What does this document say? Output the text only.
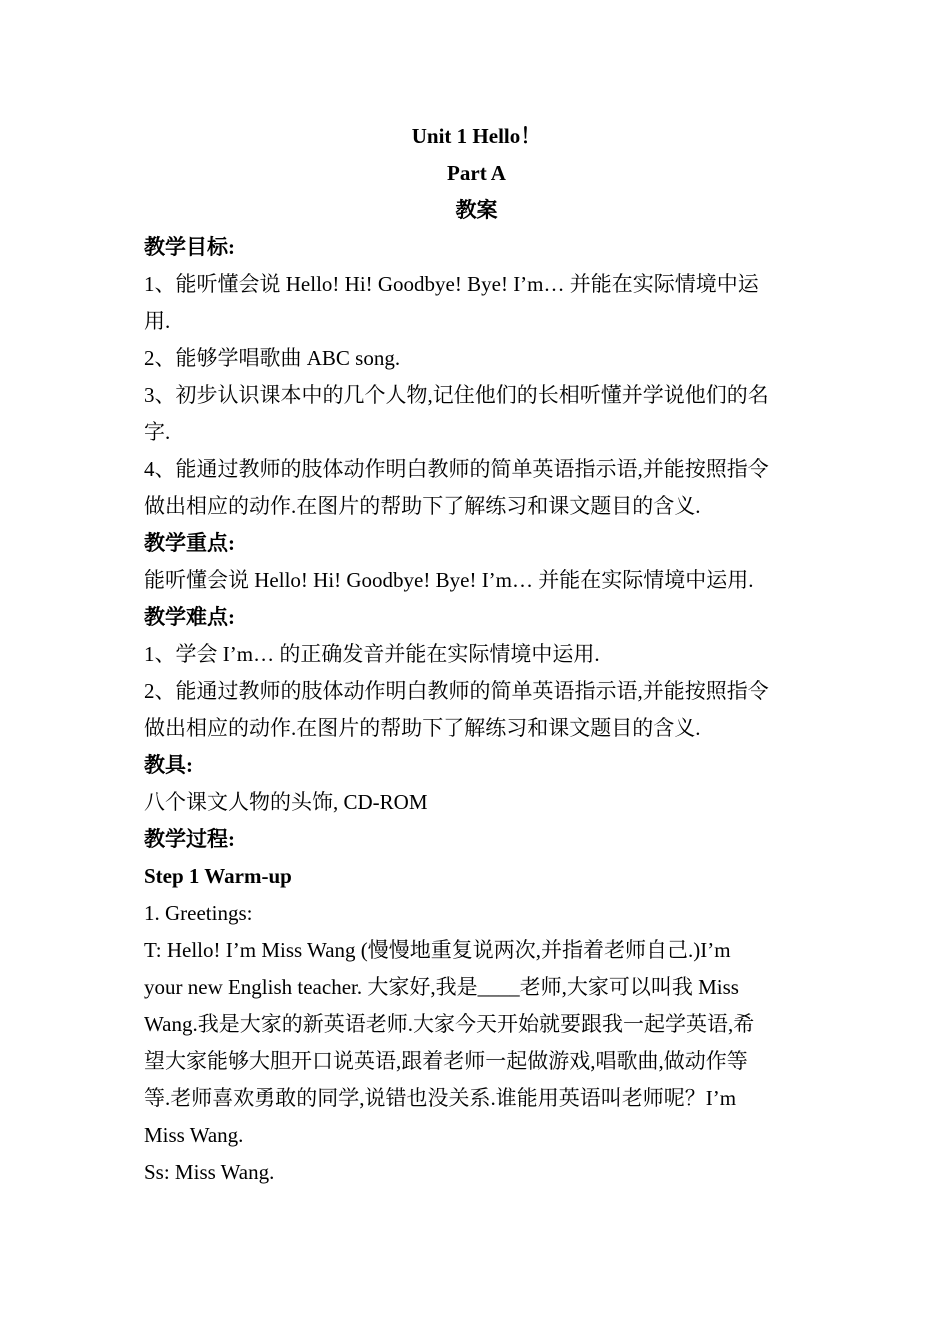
Unit 1 Hello！
Part A
教案
教学目标:
1、能听懂会说 Hello! Hi! Goodbye! Bye! I’m… 并能在实际情境中运
用.
2、能够学唱歌曲 ABC song.
3、初步认识课本中的几个人物,记住他们的长相听懂并学说他们的名
字.
4、能通过教师的肢体动作明白教师的简单英语指示语,并能按照指令
做出相应的动作.在图片的帮助下了解练习和课文题目的含义.
教学重点:
能听懂会说 Hello! Hi! Goodbye! Bye! I’m… 并能在实际情境中运用.
教学难点:
1、学会 I’m… 的正确发音并能在实际情境中运用.
2、能通过教师的肢体动作明白教师的简单英语指示语,并能按照指令
做出相应的动作.在图片的帮助下了解练习和课文题目的含义.
教具:
八个课文人物的头饰, CD-ROM
教学过程:
Step 1 Warm-up
1. Greetings:
T: Hello! I’m Miss Wang (慢慢地重复说两次,并指着老师自己.)I’m
your new English teacher. 大家好,我是____老师,大家可以叫我 Miss
Wang.我是大家的新英语老师.大家今天开始就要跟我一起学英语,希
望大家能够大胆开口说英语,跟着老师一起做游戏,唱歌曲,做动作等
等.老师喜欢勇敢的同学,说错也没关系.谁能用英语叫老师呢？I’m
Miss Wang.
Ss: Miss Wang.
